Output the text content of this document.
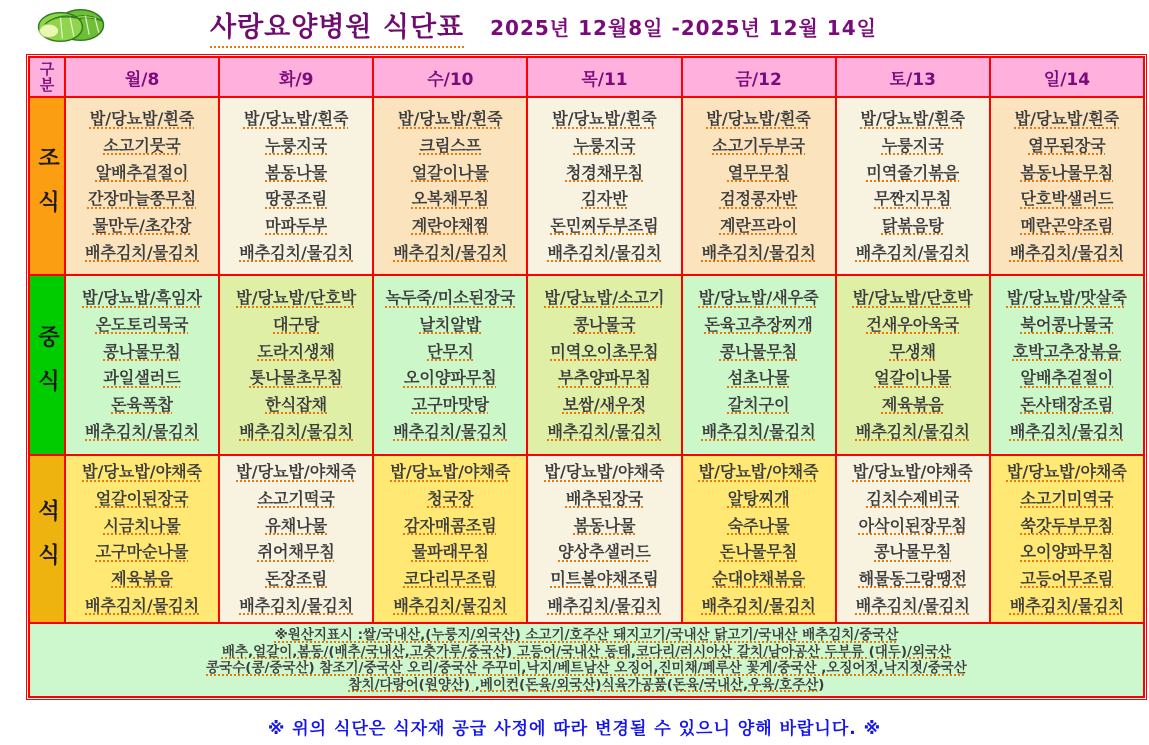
사랑요양병원 식단표 2025년 12월8일 -2025년 12월 14일
구분	월/8	화/9	수/10	목/11	금/12	토/13	일/14
조식	
밥/당뇨밥/흰죽
소고기뭇국
알배추겉절이
간장마늘쫑무침
물만두/초간장
배추김치/물김치

밥/당뇨밥/흰죽
누룽지국
봄동나물
땅콩조림
마파두부
배추김치/물김치

밥/당뇨밥/흰죽
크림스프
얼갈이나물
오복채무침
계란야채찜
배추김치/물김치

밥/당뇨밥/흰죽
누룽지국
청경채무침
김자반
돈민찌두부조림
배추김치/물김치

밥/당뇨밥/흰죽
소고기두부국
열무무침
검정콩자반
계란프라이
배추김치/물김치

밥/당뇨밥/흰죽
누룽지국
미역줄기볶음
무짠지무침
닭볶음탕
배추김치/물김치

밥/당뇨밥/흰죽
열무된장국
봄동나물무침
단호박샐러드
메란곤약조림
배추김치/물김치

중식	
밥/당뇨밥/흑임자
온도토리묵국
콩나물무침
과일샐러드
돈육폭찹
배추김치/물김치

밥/당뇨밥/단호박
대구탕
도라지생채
톳나물초무침
한식잡채
배추김치/물김치

녹두죽/미소된장국
날치알밥
단무지
오이양파무침
고구마맛탕
배추김치/물김치

밥/당뇨밥/소고기
콩나물국
미역오이초무침
부추양파무침
보쌈/새우젓
배추김치/물김치

밥/당뇨밥/새우죽
돈육고추장찌개
콩나물무침
섬초나물
갈치구이
배추김치/물김치

밥/당뇨밥/단호박
건새우아욱국
무생채
얼갈이나물
제육볶음
배추김치/물김치

밥/당뇨밥/맛살죽
북어콩나물국
호박고추장볶음
알배추겉절이
돈사태장조림
배추김치/물김치

석식	
밥/당뇨밥/야채죽
얼갈이된장국
시금치나물
고구마순나물
제육볶음
배추김치/물김치

밥/당뇨밥/야채죽
소고기떡국
유채나물
쥐어채무침
돈장조림
배추김치/물김치

밥/당뇨밥/야채죽
청국장
감자매콤조림
물파래무침
코다리무조림
배추김치/물김치

밥/당뇨밥/야채죽
배추된장국
봄동나물
양상추샐러드
미트볼야채조림
배추김치/물김치

밥/당뇨밥/야채죽
알탕찌개
숙주나물
돈나물무침
순대야채볶음
배추김치/물김치

밥/당뇨밥/야채죽
김치수제비국
아삭이된장무침
콩나물무침
해물동그랑땡전
배추김치/물김치

밥/당뇨밥/야채죽
소고기미역국
쑥갓두부무침
오이양파무침
고등어무조림
배추김치/물김치

※원산지표시 :쌀/국내산,(누룽지/외국산) 소고기/호주산 돼지고기/국내산 닭고기/국내산 배추김치/중국산
배추,얼갈이,봄동/(배추/국내산,고춧가루/중국산) 고등어/국내산 동태,코다리/러시아산 갈치/남아공산 두부류 (대두)/외국산
콩국수(콩/중국산) 참조기/중국산 오리/중국산 주꾸미,낙지/베트남산 오징어,진미채/페루산 꽃게/중국산 ,오징어젓,낙지젓/중국산
참치/다랑어(원양산) ,베이컨(돈육/외국산)식육가공품(돈육/국내산,우육/호주산)							
※ 위의 식단은 식자재 공급 사정에 따라 변경될 수 있으니 양해 바랍니다. ※
